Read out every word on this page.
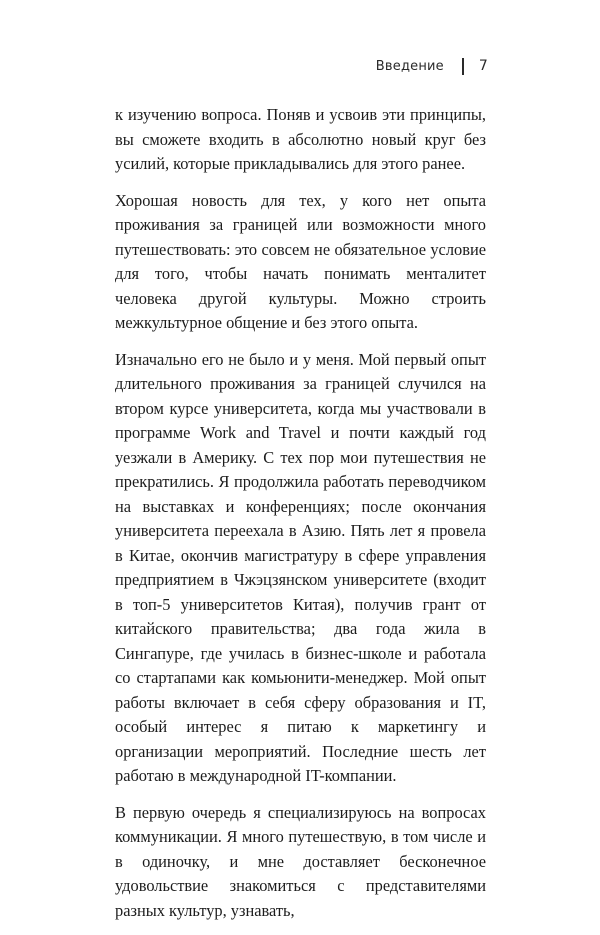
Введение	7

к изучению вопроса. Поняв и усвоив эти принципы, вы сможете входить в абсолютно новый круг без усилий, которые прикладывались для этого ранее.

Хорошая новость для тех, у кого нет опыта проживания за границей или возможности много путешествовать: это совсем не обязательное условие для того, чтобы начать понимать менталитет человека другой культуры. Можно строить межкультурное общение и без этого опыта.

Изначально его не было и у меня. Мой первый опыт длительного проживания за границей случился на втором курсе университета, когда мы участвовали в программе Work and Travel и почти каждый год уезжали в Америку. С тех пор мои путешествия не прекратились. Я продолжила работать переводчиком на выставках и конференциях; после окончания университета переехала в Азию. Пять лет я провела в Китае, окончив магистратуру в сфере управления предприятием в Чжэцзянском университете (входит в топ-5 университетов Китая), получив грант от китайского правительства; два года жила в Сингапуре, где училась в бизнес-школе и работала со стартапами как комьюнити-менеджер. Мой опыт работы включает в себя сферу образования и IT, особый интерес я питаю к маркетингу и организации мероприятий. Последние шесть лет работаю в международной IT-компании.

В первую очередь я специализируюсь на вопросах коммуникации. Я много путешествую, в том числе и в одиночку, и мне доставляет бесконечное удовольствие знакомиться с представителями разных культур, узнавать,
